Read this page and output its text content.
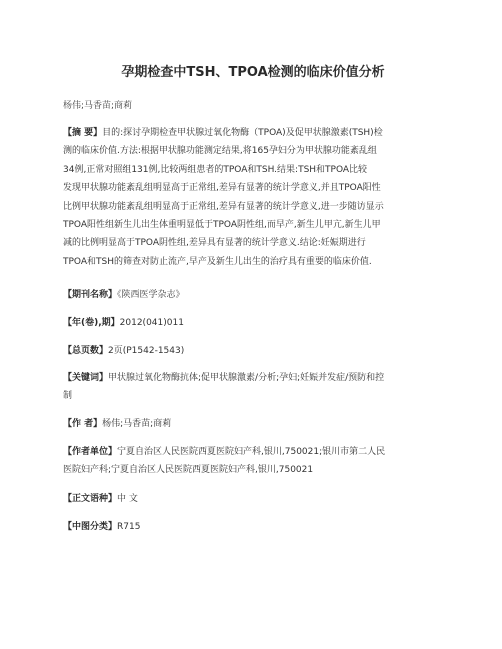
孕期检查中TSH、TPOA检测的临床价值分析
杨伟;马香苗;商莉
【摘 要】目的:探讨孕期检查甲状腺过氧化物酶（TPOA)及促甲状腺激素(TSH)检
测的临床价值.方法:根据甲状腺功能测定结果,将165孕妇分为甲状腺功能紊乱组
34例,正常对照组131例,比较两组患者的TPOA和TSH.结果:TSH和TPOA比较
发现甲状腺功能紊乱组明显高于正常组,差异有显著的统计学意义,并且TPOA阳性
比例甲状腺功能紊乱组明显高于正常组,差异有显著的统计学意义,进一步随访显示
TPOA阳性组新生儿出生体重明显低于TPOA阴性组,而早产,新生儿甲亢,新生儿甲
减的比例明显高于TPOA阴性组,差异具有显著的统计学意义.结论:妊娠期进行
TPOA和TSH的筛查对防止流产,早产及新生儿出生的治疗具有重要的临床价值.
【期刊名称】《陕西医学杂志》
【年(卷),期】2012(041)011
【总页数】2页(P1542-1543)
【关键词】甲状腺过氧化物酶抗体;促甲状腺激素/分析;孕妇;妊娠并发症/预防和控
制
【作 者】杨伟;马香苗;商莉
【作者单位】宁夏自治区人民医院西夏医院妇产科,银川,750021;银川市第二人民
医院妇产科;宁夏自治区人民医院西夏医院妇产科,银川,750021
【正文语种】中 文
【中图分类】R715
